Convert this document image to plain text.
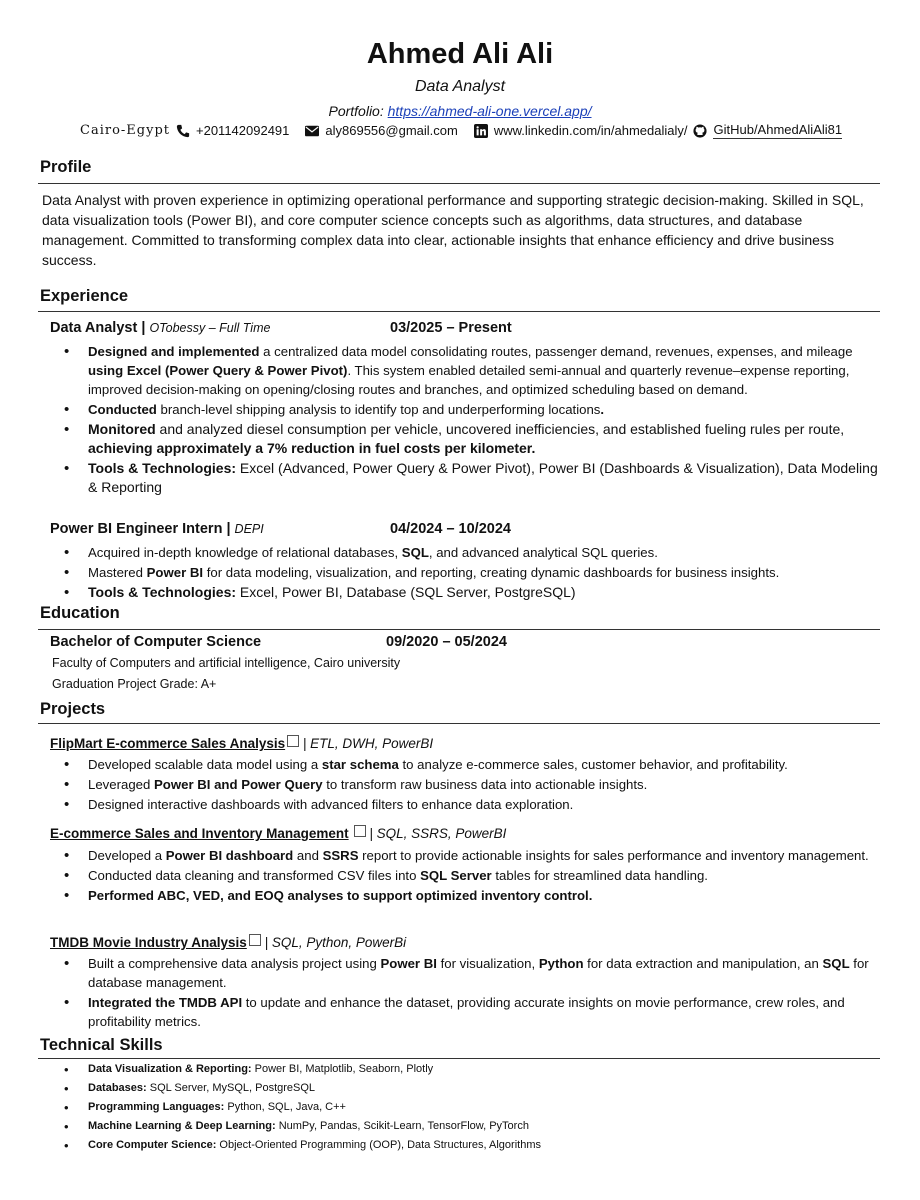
Ahmed Ali Ali
Data Analyst
Portfolio: https://ahmed-ali-one.vercel.app/
Cairo-Egypt +201142092491	aly869556@gmail.com	www.linkedin.com/in/ahmedalialy/ GitHub/AhmedAliAli81
Profile
Data Analyst with proven experience in optimizing operational performance and supporting strategic decision-making. Skilled in SQL, data visualization tools (Power BI), and core computer science concepts such as algorithms, data structures, and database management. Committed to transforming complex data into clear, actionable insights that enhance efficiency and drive business success.
Experience
Data Analyst | OTobessy – Full Time	03/2025 – Present
• Designed and implemented a centralized data model consolidating routes, passenger demand, revenues, expenses, and mileage using Excel (Power Query & Power Pivot). This system enabled detailed semi-annual and quarterly revenue–expense reporting, improved decision-making on opening/closing routes and branches, and optimized scheduling based on demand.
• Conducted branch-level shipping analysis to identify top and underperforming locations.
• Monitored and analyzed diesel consumption per vehicle, uncovered inefficiencies, and established fueling rules per route, achieving approximately a 7% reduction in fuel costs per kilometer.
• Tools & Technologies: Excel (Advanced, Power Query & Power Pivot), Power BI (Dashboards & Visualization), Data Modeling & Reporting
Power BI Engineer Intern | DEPI	04/2024 – 10/2024
• Acquired in-depth knowledge of relational databases, SQL, and advanced analytical SQL queries.
• Mastered Power BI for data modeling, visualization, and reporting, creating dynamic dashboards for business insights.
• Tools & Technologies: Excel, Power BI, Database (SQL Server, PostgreSQL)
Education
Bachelor of Computer Science	09/2020 – 05/2024
Faculty of Computers and artificial intelligence, Cairo university
Graduation Project Grade: A+
Projects
FlipMart E-commerce Sales Analysis | ETL, DWH, PowerBI
• Developed scalable data model using a star schema to analyze e-commerce sales, customer behavior, and profitability.
• Leveraged Power BI and Power Query to transform raw business data into actionable insights.
• Designed interactive dashboards with advanced filters to enhance data exploration.
E-commerce Sales and Inventory Management | SQL, SSRS, PowerBI
• Developed a Power BI dashboard and SSRS report to provide actionable insights for sales performance and inventory management.
• Conducted data cleaning and transformed CSV files into SQL Server tables for streamlined data handling.
• Performed ABC, VED, and EOQ analyses to support optimized inventory control.
TMDB Movie Industry Analysis | SQL, Python, PowerBi
• Built a comprehensive data analysis project using Power BI for visualization, Python for data extraction and manipulation, an SQL for database management.
• Integrated the TMDB API to update and enhance the dataset, providing accurate insights on movie performance, crew roles, and profitability metrics.
Technical Skills
• Data Visualization & Reporting: Power BI, Matplotlib, Seaborn, Plotly
• Databases: SQL Server, MySQL, PostgreSQL
• Programming Languages: Python, SQL, Java, C++
• Machine Learning & Deep Learning: NumPy, Pandas, Scikit-Learn, TensorFlow, PyTorch
• Core Computer Science: Object-Oriented Programming (OOP), Data Structures, Algorithms
